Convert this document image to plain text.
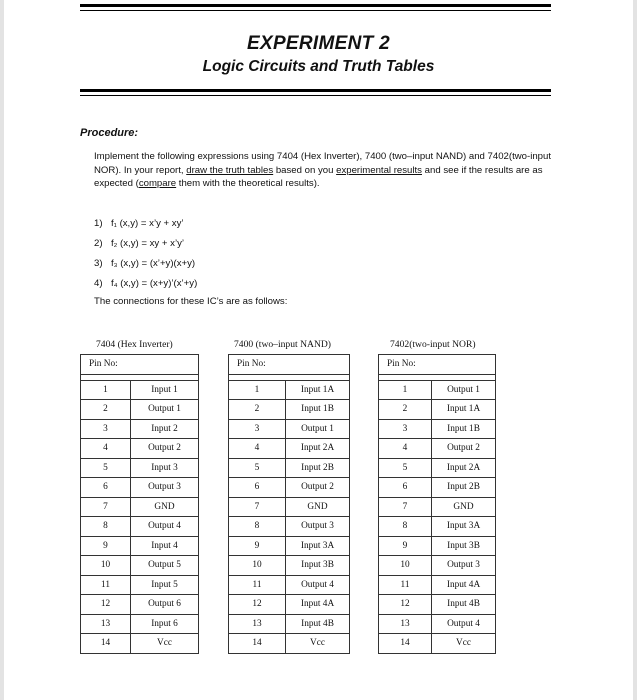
EXPERIMENT 2
Logic Circuits and Truth Tables
Procedure:
Implement the following expressions using 7404 (Hex Inverter), 7400 (two–input NAND) and 7402(two-input NOR). In your report, draw the truth tables based on you experimental results and see if the results are as expected (compare them with the theoretical results).
1) f₁ (x,y) = x’y + xy’
2) f₂ (x,y) = xy + x’y’
3) f₃ (x,y) = (x’+y)(x+y)
4) f₄ (x,y) = (x+y)’(x’+y)
The connections for these IC’s are as follows:
7404 (Hex Inverter)	7400 (two–input NAND)	7402(two-input NOR)
Pin No:	

1	Input 1
2	Output 1
3	Input 2
4	Output 2
5	Input 3
6	Output 3
7	GND
8	Output 4
9	Input 4
10	Output 5
11	Input 5
12	Output 6
13	Input 6
14	Vcc
Pin No:	

1	Input 1A
2	Input 1B
3	Output 1
4	Input 2A
5	Input 2B
6	Output 2
7	GND
8	Output 3
9	Input 3A
10	Input 3B
11	Output 4
12	Input 4A
13	Input 4B
14	Vcc
Pin No:	

1	Output 1
2	Input 1A
3	Input 1B
4	Output 2
5	Input 2A
6	Input 2B
7	GND
8	Input 3A
9	Input 3B
10	Output 3
11	Input 4A
12	Input 4B
13	Output 4
14	Vcc
